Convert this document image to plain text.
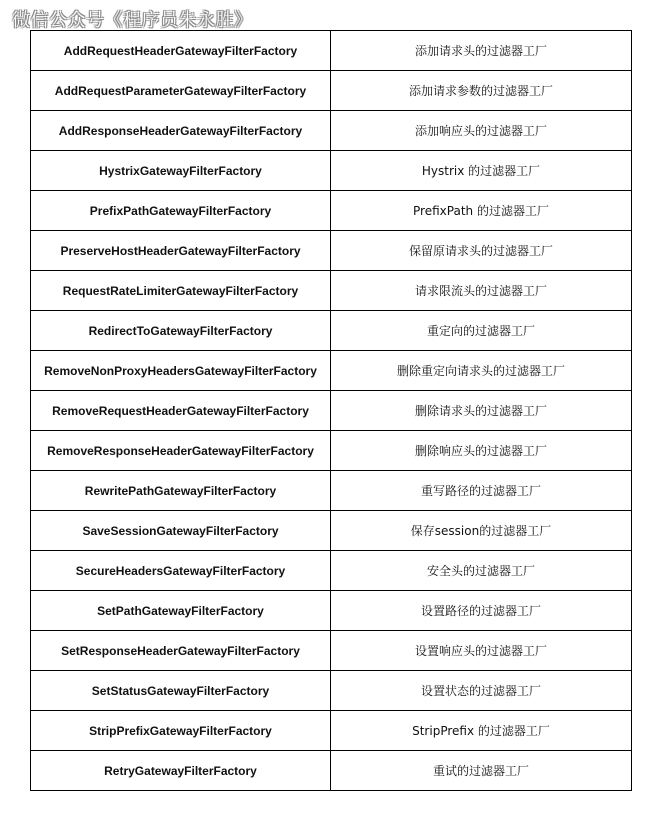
微信公众号《程序员朱永胜》
AddRequestHeaderGatewayFilterFactory	添加请求头的过滤器工厂
AddRequestParameterGatewayFilterFactory	添加请求参数的过滤器工厂
AddResponseHeaderGatewayFilterFactory	添加响应头的过滤器工厂
HystrixGatewayFilterFactory	Hystrix 的过滤器工厂
PrefixPathGatewayFilterFactory	PrefixPath 的过滤器工厂
PreserveHostHeaderGatewayFilterFactory	保留原请求头的过滤器工厂
RequestRateLimiterGatewayFilterFactory	请求限流头的过滤器工厂
RedirectToGatewayFilterFactory	重定向的过滤器工厂
RemoveNonProxyHeadersGatewayFilterFactory	删除重定向请求头的过滤器工厂
RemoveRequestHeaderGatewayFilterFactory	删除请求头的过滤器工厂
RemoveResponseHeaderGatewayFilterFactory	删除响应头的过滤器工厂
RewritePathGatewayFilterFactory	重写路径的过滤器工厂
SaveSessionGatewayFilterFactory	保存session的过滤器工厂
SecureHeadersGatewayFilterFactory	安全头的过滤器工厂
SetPathGatewayFilterFactory	设置路径的过滤器工厂
SetResponseHeaderGatewayFilterFactory	设置响应头的过滤器工厂
SetStatusGatewayFilterFactory	设置状态的过滤器工厂
StripPrefixGatewayFilterFactory	StripPrefix 的过滤器工厂
RetryGatewayFilterFactory	重试的过滤器工厂
